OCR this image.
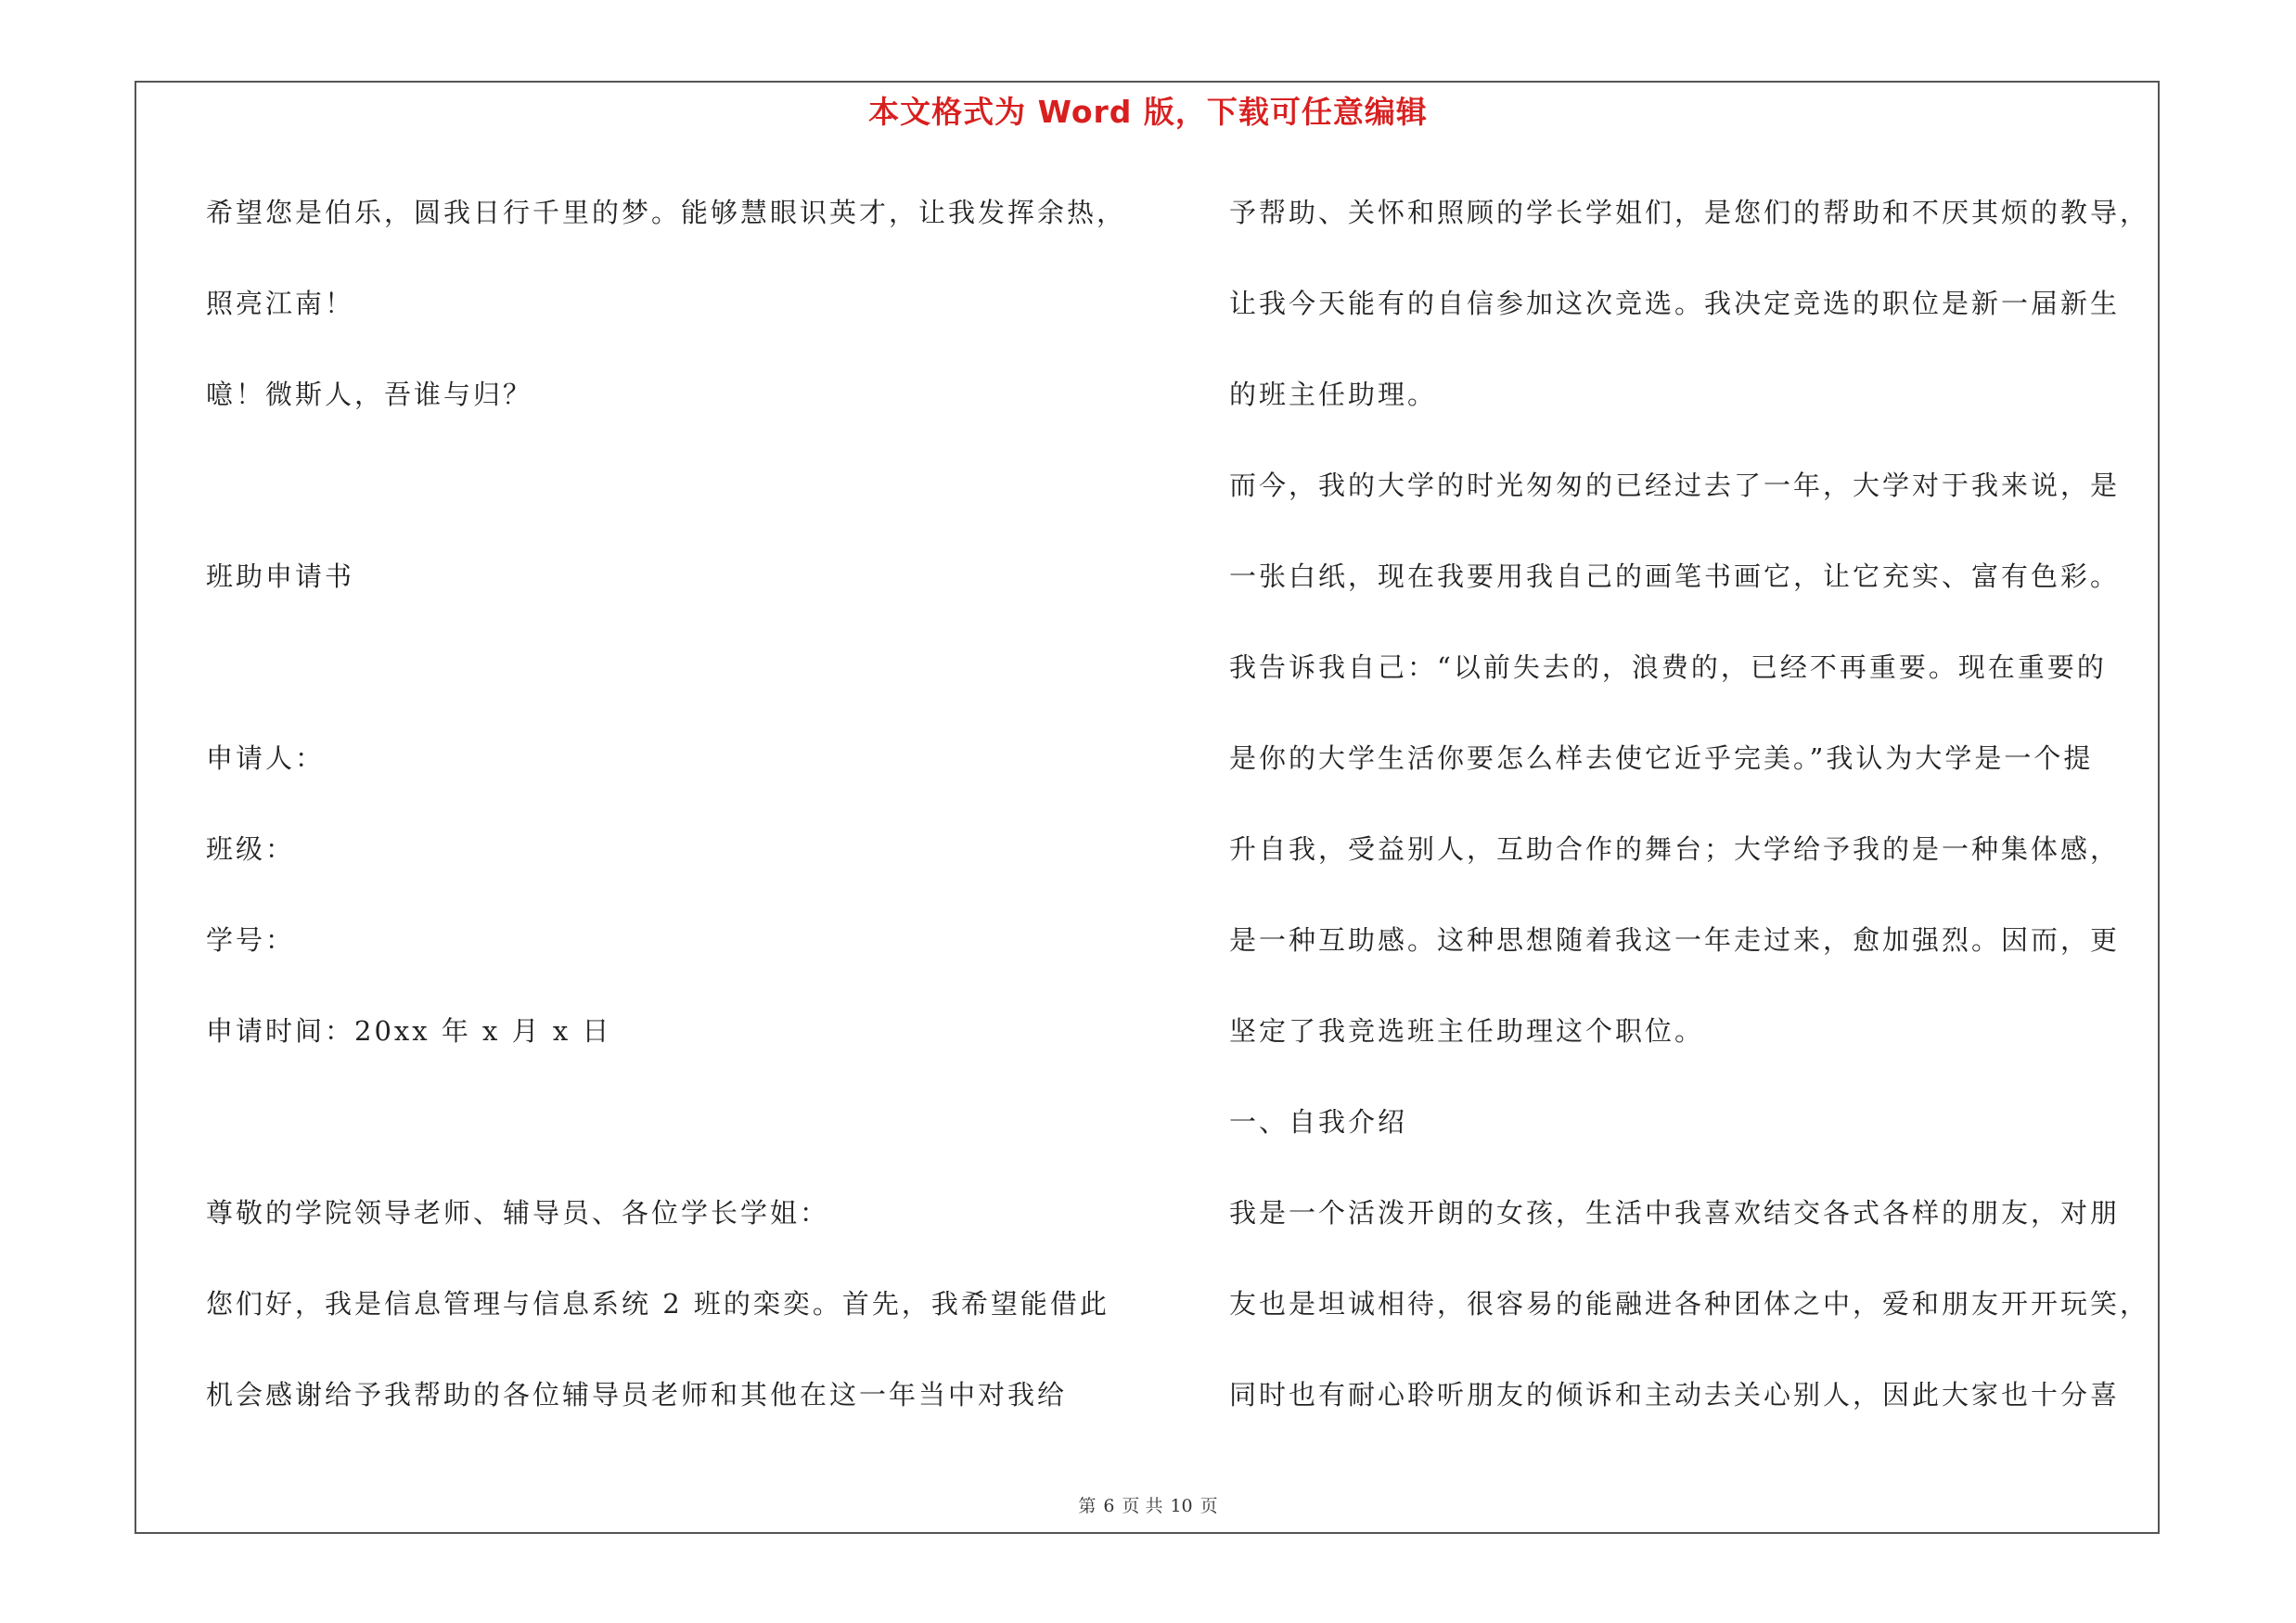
本文格式为 Word 版，下载可任意编辑
希望您是伯乐，圆我日行千里的梦。能够慧眼识英才，让我发挥余热，
照亮江南！
噫！微斯人，吾谁与归？
班助申请书
申请人：
班级：
学号：
申请时间：20xx 年 x 月 x 日
尊敬的学院领导老师、辅导员、各位学长学姐：
您们好，我是信息管理与信息系统 2 班的栾奕。首先，我希望能借此
机会感谢给予我帮助的各位辅导员老师和其他在这一年当中对我给
予帮助、关怀和照顾的学长学姐们，是您们的帮助和不厌其烦的教导，
让我今天能有的自信参加这次竞选。我决定竞选的职位是新一届新生
的班主任助理。
而今，我的大学的时光匆匆的已经过去了一年，大学对于我来说，是
一张白纸，现在我要用我自己的画笔书画它，让它充实、富有色彩。
我告诉我自己：“以前失去的，浪费的，已经不再重要。现在重要的
是你的大学生活你要怎么样去使它近乎完美。”我认为大学是一个提
升自我，受益别人，互助合作的舞台；大学给予我的是一种集体感，
是一种互助感。这种思想随着我这一年走过来，愈加强烈。因而，更
坚定了我竞选班主任助理这个职位。
一、自我介绍
我是一个活泼开朗的女孩，生活中我喜欢结交各式各样的朋友，对朋
友也是坦诚相待，很容易的能融进各种团体之中，爱和朋友开开玩笑，
同时也有耐心聆听朋友的倾诉和主动去关心别人，因此大家也十分喜
第 6 页 共 10 页
